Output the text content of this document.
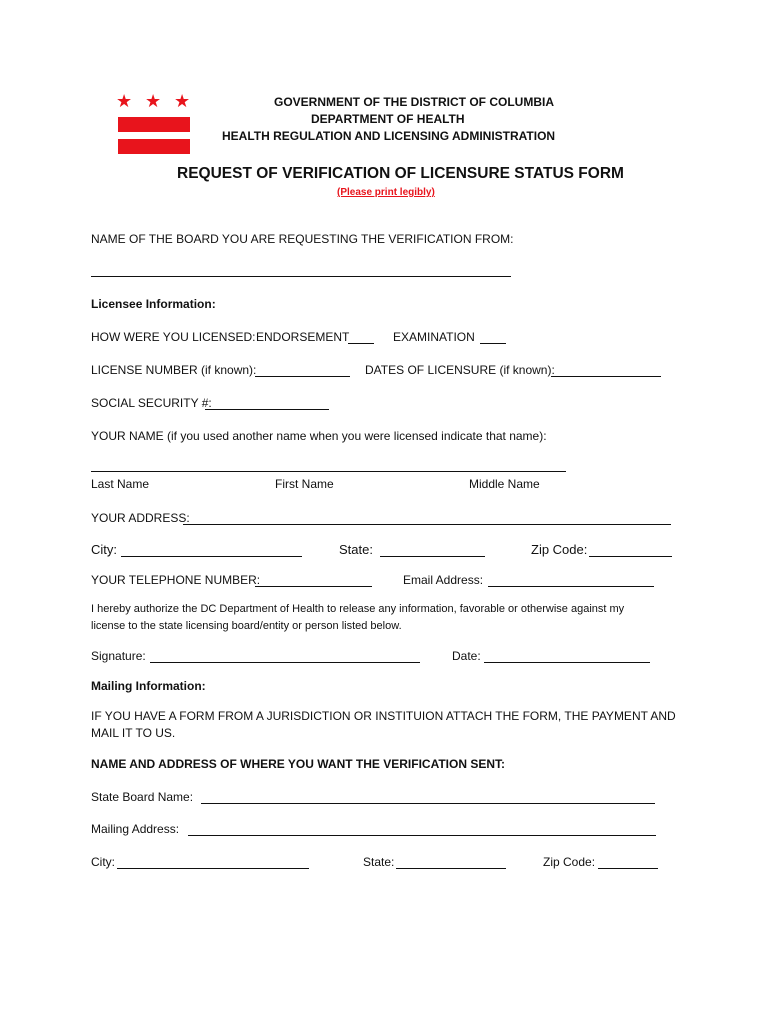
★ ★ ★	GOVERNMENT OF THE DISTRICT OF COLUMBIA
DEPARTMENT OF HEALTH
HEALTH REGULATION AND LICENSING ADMINISTRATION
REQUEST OF VERIFICATION OF LICENSURE STATUS FORM
(Please print legibly)
NAME OF THE BOARD YOU ARE REQUESTING THE VERIFICATION FROM:
Licensee Information:
HOW WERE YOU LICENSED: ENDORSEMENT	EXAMINATION
LICENSE NUMBER (if known):	DATES OF LICENSURE (if known):
SOCIAL SECURITY #:
YOUR NAME (if you used another name when you were licensed indicate that name):
Last Name	First Name	Middle Name
YOUR ADDRESS:
City:	State:	Zip Code:
YOUR TELEPHONE NUMBER:	Email Address:
I hereby authorize the DC Department of Health to release any information, favorable or otherwise against my
license to the state licensing board/entity or person listed below.
Signature:	Date:
Mailing Information:
IF YOU HAVE A FORM FROM A JURISDICTION OR INSTITUION ATTACH THE FORM, THE PAYMENT AND
MAIL IT TO US.
NAME AND ADDRESS OF WHERE YOU WANT THE VERIFICATION SENT:
State Board Name:
Mailing Address:
City:	State:	Zip Code:
